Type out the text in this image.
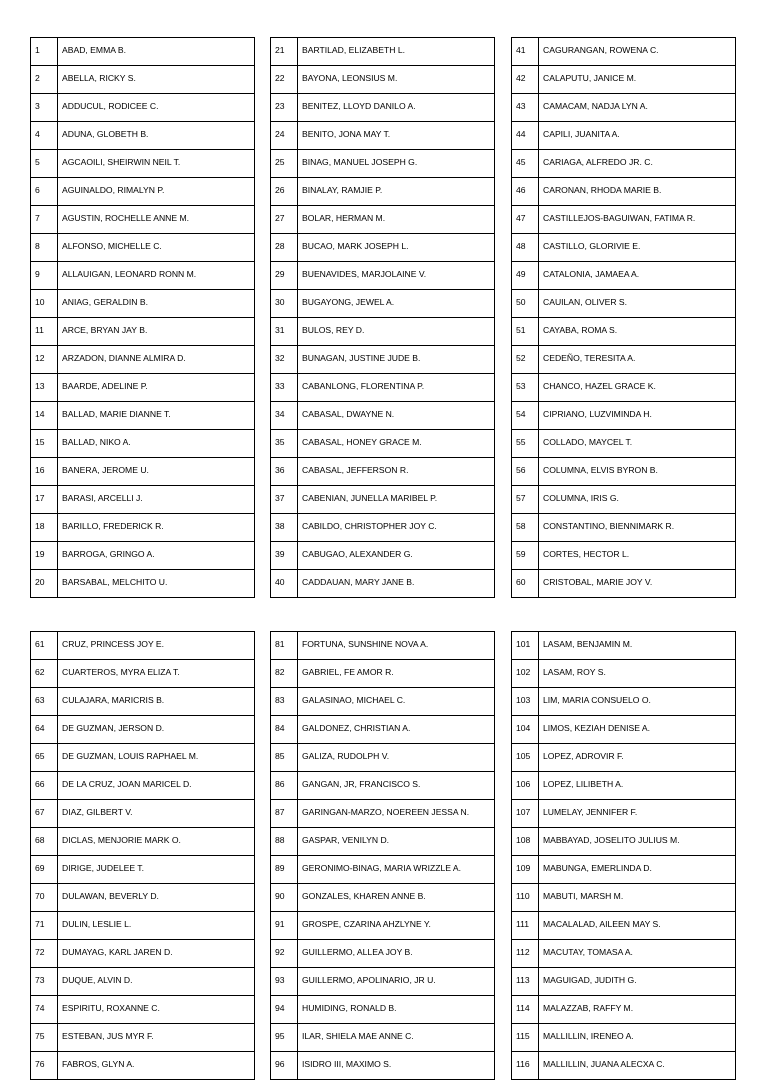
1	ABAD, EMMA B.
2	ABELLA, RICKY S.
3	ADDUCUL, RODICEE C.
4	ADUNA, GLOBETH B.
5	AGCAOILI, SHEIRWIN NEIL T.
6	AGUINALDO, RIMALYN P.
7	AGUSTIN, ROCHELLE ANNE M.
8	ALFONSO, MICHELLE C.
9	ALLAUIGAN, LEONARD RONN M.
10	ANIAG, GERALDIN B.
11	ARCE, BRYAN JAY B.
12	ARZADON, DIANNE ALMIRA D.
13	BAARDE, ADELINE P.
14	BALLAD, MARIE DIANNE T.
15	BALLAD, NIKO A.
16	BANERA, JEROME U.
17	BARASI, ARCELLI J.
18	BARILLO, FREDERICK R.
19	BARROGA, GRINGO A.
20	BARSABAL, MELCHITO U.
21	BARTILAD, ELIZABETH L.
22	BAYONA, LEONSIUS M.
23	BENITEZ, LLOYD DANILO A.
24	BENITO, JONA MAY T.
25	BINAG, MANUEL JOSEPH G.
26	BINALAY, RAMJIE P.
27	BOLAR, HERMAN M.
28	BUCAO, MARK JOSEPH L.
29	BUENAVIDES, MARJOLAINE V.
30	BUGAYONG, JEWEL A.
31	BULOS, REY D.
32	BUNAGAN, JUSTINE JUDE B.
33	CABANLONG, FLORENTINA P.
34	CABASAL, DWAYNE N.
35	CABASAL, HONEY GRACE M.
36	CABASAL, JEFFERSON R.
37	CABENIAN, JUNELLA MARIBEL P.
38	CABILDO, CHRISTOPHER JOY C.
39	CABUGAO, ALEXANDER G.
40	CADDAUAN, MARY JANE B.
41	CAGURANGAN, ROWENA C.
42	CALAPUTU, JANICE M.
43	CAMACAM, NADJA LYN A.
44	CAPILI, JUANITA A.
45	CARIAGA, ALFREDO JR. C.
46	CARONAN, RHODA MARIE B.
47	CASTILLEJOS-BAGUIWAN, FATIMA R.
48	CASTILLO, GLORIVIE E.
49	CATALONIA, JAMAEA A.
50	CAUILAN, OLIVER S.
51	CAYABA, ROMA S.
52	CEDEÑO, TERESITA A.
53	CHANCO, HAZEL GRACE K.
54	CIPRIANO, LUZVIMINDA H.
55	COLLADO, MAYCEL T.
56	COLUMNA, ELVIS BYRON B.
57	COLUMNA, IRIS G.
58	CONSTANTINO, BIENNIMARK R.
59	CORTES, HECTOR L.
60	CRISTOBAL, MARIE JOY V.
61	CRUZ, PRINCESS JOY E.
62	CUARTEROS, MYRA ELIZA T.
63	CULAJARA, MARICRIS B.
64	DE GUZMAN, JERSON D.
65	DE GUZMAN, LOUIS RAPHAEL M.
66	DE LA CRUZ, JOAN MARICEL D.
67	DIAZ, GILBERT V.
68	DICLAS, MENJORIE MARK O.
69	DIRIGE, JUDELEE T.
70	DULAWAN, BEVERLY D.
71	DULIN, LESLIE L.
72	DUMAYAG, KARL JAREN D.
73	DUQUE, ALVIN D.
74	ESPIRITU, ROXANNE C.
75	ESTEBAN, JUS MYR F.
76	FABROS, GLYN A.
81	FORTUNA, SUNSHINE NOVA A.
82	GABRIEL, FE AMOR R.
83	GALASINAO, MICHAEL C.
84	GALDONEZ, CHRISTIAN A.
85	GALIZA, RUDOLPH V.
86	GANGAN, JR, FRANCISCO S.
87	GARINGAN-MARZO, NOEREEN JESSA N.
88	GASPAR, VENILYN D.
89	GERONIMO-BINAG, MARIA WRIZZLE A.
90	GONZALES, KHAREN ANNE B.
91	GROSPE, CZARINA AHZLYNE Y.
92	GUILLERMO, ALLEA JOY B.
93	GUILLERMO, APOLINARIO, JR U.
94	HUMIDING, RONALD B.
95	ILAR, SHIELA MAE ANNE C.
96	ISIDRO III, MAXIMO S.
101	LASAM, BENJAMIN M.
102	LASAM, ROY S.
103	LIM, MARIA CONSUELO O.
104	LIMOS, KEZIAH DENISE A.
105	LOPEZ, ADROVIR F.
106	LOPEZ, LILIBETH A.
107	LUMELAY, JENNIFER F.
108	MABBAYAD, JOSELITO JULIUS M.
109	MABUNGA, EMERLINDA D.
110	MABUTI, MARSH M.
111	MACALALAD, AILEEN MAY S.
112	MACUTAY, TOMASA A.
113	MAGUIGAD, JUDITH G.
114	MALAZZAB, RAFFY M.
115	MALLILLIN, IRENEO A.
116	MALLILLIN, JUANA ALECXA C.
